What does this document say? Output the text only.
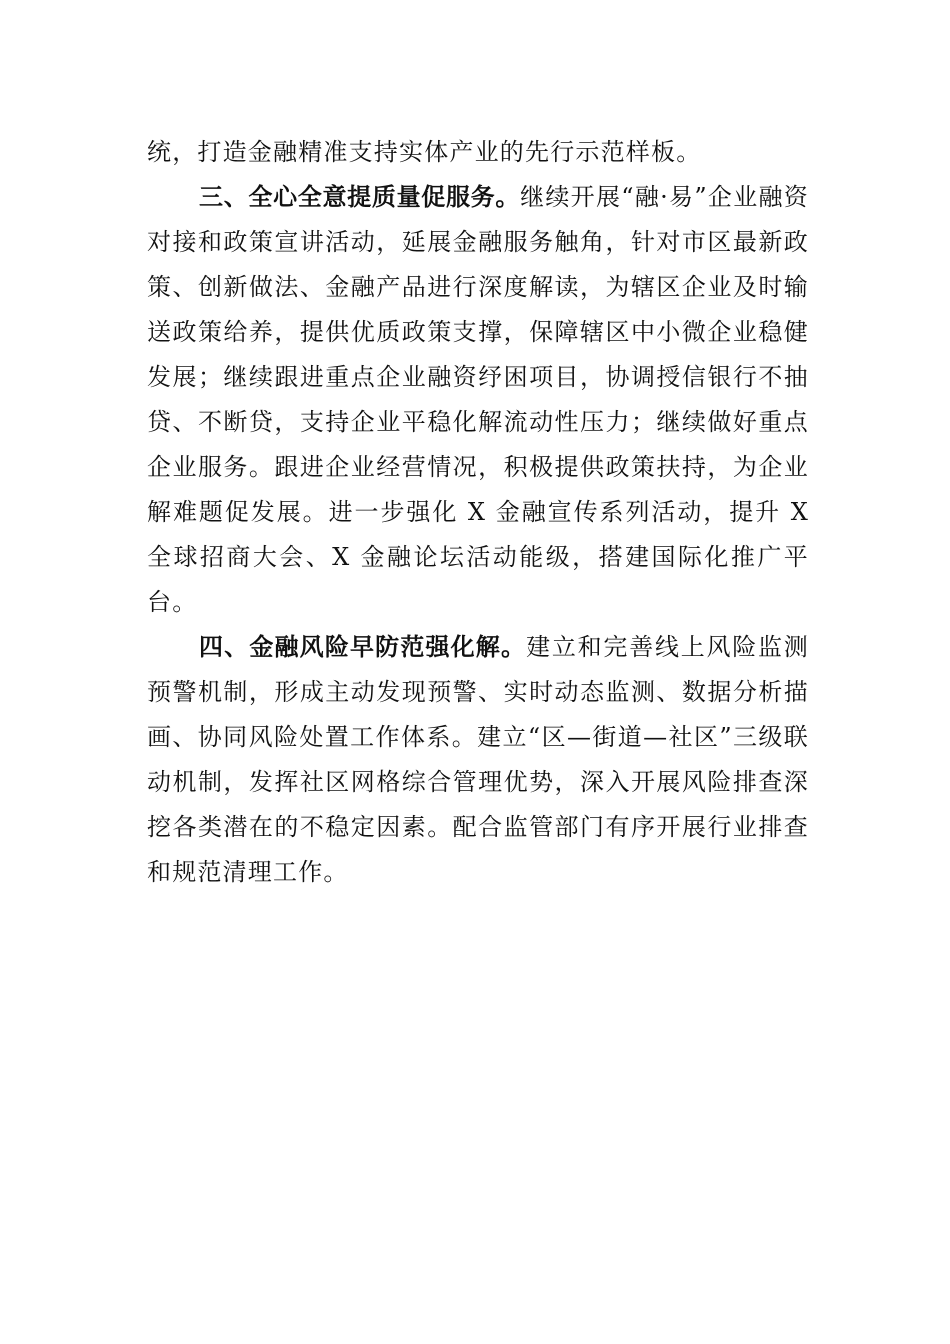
统，打造金融精准支持实体产业的先行示范样板。

三、全心全意提质量促服务。继续开展“融·易”企业融资对接和政策宣讲活动，延展金融服务触角，针对市区最新政策、创新做法、金融产品进行深度解读，为辖区企业及时输送政策给养，提供优质政策支撑，保障辖区中小微企业稳健发展；继续跟进重点企业融资纾困项目，协调授信银行不抽贷、不断贷，支持企业平稳化解流动性压力；继续做好重点企业服务。跟进企业经营情况，积极提供政策扶持，为企业解难题促发展。进一步强化 X 金融宣传系列活动，提升 X 全球招商大会、X 金融论坛活动能级，搭建国际化推广平台。

四、金融风险早防范强化解。建立和完善线上风险监测预警机制，形成主动发现预警、实时动态监测、数据分析描画、协同风险处置工作体系。建立“区—街道—社区”三级联动机制，发挥社区网格综合管理优势，深入开展风险排查深挖各类潜在的不稳定因素。配合监管部门有序开展行业排查和规范清理工作。
